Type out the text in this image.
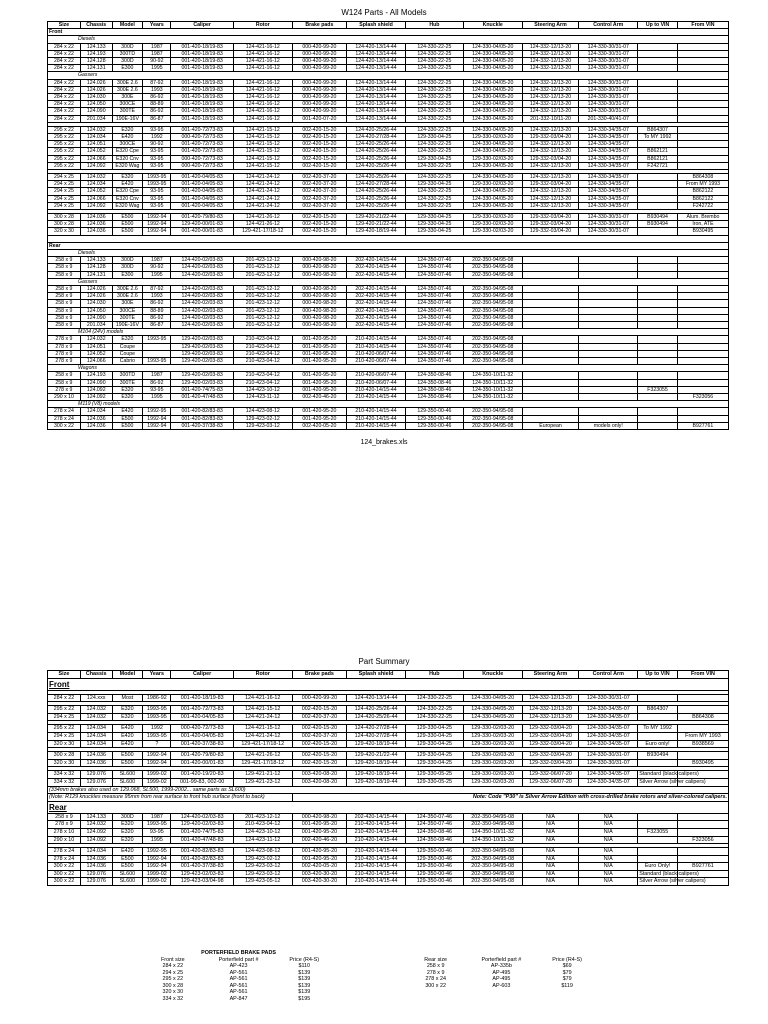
W124 Parts - All Models
Size	Chassis	Model	Years	Caliper	Rotor	Brake pads	Splash shield	Hub	Knuckle	Steering Arm	Control Arm	Up to VIN	From VIN
Front													
Diesels													
284 x 22	124.133	300D	1987	001-420-18/19-83	124-421-16-12	000-420-99-20	124-420-13/14-44	124-330-22-25	124-330-04/05-20	124-332-12/13-20	124-330-30/31-07		
284 x 22	124.193	300TD	1987	001-420-18/19-83	124-421-16-12	000-420-99-20	124-420-13/14-44	124-330-22-25	124-330-04/05-20	124-332-12/13-20	124-330-30/31-07		
284 x 22	124.128	300D	90-92	001-420-18/19-83	124-421-16-12	000-420-99-20	124-420-13/14-44	124-330-22-25	124-330-04/05-20	124-332-12/13-20	124-330-30/31-07		
284 x 22	124.131	E300	1995	001-420-18/19-83	124-421-16-12	000-420-99-20	124-420-13/14-44	124-330-22-25	124-330-04/05-20	124-332-12/13-20	124-330-30/31-07		
Gassers													
284 x 22	124.026	300E 2.6	87-92	001-420-18/19-83	124-421-16-12	000-420-99-20	124-420-13/14-44	124-330-22-25	124-330-04/05-20	124-332-12/13-20	124-330-30/31-07		
284 x 22	124.026	300E 2.6	1993	001-420-18/19-83	124-421-16-12	000-420-99-20	124-420-13/14-44	124-330-22-25	124-330-04/05-20	124-332-12/13-20	124-330-30/31-07		
284 x 22	124.030	300E	86-92	001-420-18/19-83	124-421-16-12	000-420-99-20	124-420-13/14-44	124-330-22-25	124-330-04/05-20	124-332-12/13-20	124-330-30/31-07		
284 x 22	124.050	300CE	88-89	001-420-18/19-83	124-421-16-12	000-420-99-20	124-420-13/14-44	124-330-22-25	124-330-04/05-20	124-332-12/13-20	124-330-30/31-07		
284 x 22	124.090	300TE	86-92	001-420-18/19-83	124-421-16-12	000-420-99-20	124-420-13/14-44	124-330-22-25	124-330-04/05-20	124-332-12/13-20	124-330-30/31-07		
284 x 22	201.034	190E-16V	86-87	001-420-18/19-83	124-421-16-12	001-420-07-20	124-420-13/14-44	124-330-22-25	124-330-04/05-20	201-332-10/11-20	201-330-40/41-07		

295 x 22	124.032	E320	93-95	001-420-72/73-83	124-421-15-12	002-420-15-20	124-420-25/26-44	124-330-22-25	124-330-04/05-20	124-332-12/13-20	124-330-34/35-07	B864307	
295 x 22	124.034	E420	1992	000-420-72/73-83	124-421-15-12	002-420-15-20	124-420-27/28-44	129-330-04-25	129-330-02/03-20	129-332-03/04-20	124-330-34/35-07	To MY 1992	
295 x 22	124.051	300CE	90-92	001-420-72/73-83	124-421-15-12	002-420-15-20	124-420-25/26-44	124-330-22-25	124-330-04/05-20	124-332-12/13-20	124-330-34/35-07		
295 x 22	124.052	E320 Cpe	93-95	001-420-72/73-83	124-421-15-12	002-420-15-20	124-420-25/26-44	124-330-22-25	124-330-04/05-20	124-332-12/13-20	124-330-34/35-07	B862121	
295 x 22	124.066	E320 Cnv	93-95	000-420-72/73-83	124-421-15-12	002-420-15-20	124-420-25/26-44	129-330-04-25	129-330-02/03-20	129-332-03/04-20	124-330-34/35-07	B862121	
295 x 22	124.092	E320 Wag	93-95	000-420-72/73-83	124-421-15-12	002-420-15-20	124-420-25/26-44	124-330-22-25	124-330-04/05-20	124-332-12/13-20	124-330-34/35-07	F242721	

294 x 25	124.032	E320	1993-95	001-420-04/05-83	124-421-24-12	002-420-37-20	124-420-25/26-44	124-330-22-25	124-330-04/05-20	124-332-12/13-20	124-330-34/35-07		B864308
294 x 25	124.034	E420	1993-95	001-420-04/05-83	124-421-24-12	002-420-37-20	124-420-27/28-44	129-330-04-25	129-330-02/03-20	129-332-03/04-20	124-330-34/35-07		From MY 1993
294 x 25	124.052	E320 Cpe	93-95	001-420-04/05-83	124-421-24-12	002-420-37-20	124-420-25/26-44	124-330-22-25	124-330-04/05-20	124-332-12/13-20	124-330-34/35-07		B862122
294 x 25	124.066	E320 Cnv	93-95	001-420-04/05-83	124-421-24-12	002-420-37-20	124-420-25/26-44	124-330-22-25	124-330-04/05-20	124-332-12/13-20	124-330-34/35-07		B862122
294 x 25	124.092	E320 Wag	93-95	001-420-04/05-83	124-421-24-12	002-420-37-20	124-420-25/26-44	124-330-22-25	124-330-04/05-20	124-332-12/13-20	124-330-34/35-07		F242722

300 x 28	124.036	E500	1992-94	001-420-79/80-83	124-421-26-12	002-420-15-20	129-420-21/22-44	129-330-04-25	129-330-02/03-20	129-332-03/04-20	124-330-30/31-07	B930494	Alum. Brembo
300 x 28	124.036	E500	1992-94	129-420-00/01-83	124-421-26-12	002-420-15-20	129-420-21/22-44	129-330-04-25	129-330-02/03-20	129-332-03/04-20	124-330-30/31-07	B930494	Iron, ATE
320 x 30	124.036	E500	1992-94	001-420-00/01-83	129-421-17/18-12	002-420-15-20	129-420-18/19-44	129-330-04-25	129-330-02/03-20	129-332-03/04-20	124-330-30/31-07		B930495

Rear													
Diesels													
258 x 9	124.133	300D	1987	124-420-02/03-83	201-423-12-12	000-420-98-20	202-420-14/15-44	124-350-07-46	202-350-94/95-08				
258 x 9	124.128	300D	90-92	124-420-02/03-83	201-423-12-12	000-420-98-20	202-420-14/15-44	124-350-07-46	202-350-94/95-08				
258 x 9	124.131	E300	1995	124-420-02/03-83	201-423-12-12	000-420-98-20	202-420-14/15-44	124-350-07-46	202-350-94/95-08				
Gassers													
258 x 9	124.026	300E 2.6	87-92	124-420-02/03-83	201-423-12-12	000-420-98-20	202-420-14/15-44	124-350-07-46	202-350-94/95-08				
258 x 9	124.026	300E 2.6	1993	124-420-02/03-83	201-423-12-12	000-420-98-20	202-420-14/15-44	124-350-07-46	202-350-94/95-08				
258 x 9	124.030	300E	86-92	124-420-02/03-83	201-423-12-12	000-420-98-20	202-420-14/15-44	124-350-07-46	202-350-94/95-08				
258 x 9	124.050	300CE	88-89	124-420-02/03-83	201-423-12-12	000-420-98-20	202-420-14/15-44	124-350-07-46	202-350-94/95-08				
258 x 9	124.090	300TE	86-92	124-420-02/03-83	201-423-12-12	000-420-98-20	202-420-14/15-44	124-350-07-46	202-350-94/95-08				
258 x 9	201.034	190E-16V	86-87	124-420-02/03-83	201-423-12-12	000-420-98-20	202-420-14/15-44	124-350-07-46	202-350-94/95-08				
M104 (24V) models													
278 x 9	124.032	E320	1993-95	129-420-02/03-83	210-423-04-12	001-420-95-20	210-420-14/15-44	124-350-07-46	202-350-94/95-08				
278 x 9	124.051	Coupe		129-420-02/03-83	210-423-04-12	001-420-95-20	210-420-14/15-44	124-350-07-46	202-350-94/95-08				
278 x 9	124.052	Coupe		129-420-02/03-83	210-423-04-12	001-420-95-20	210-420-06/07-44	124-350-07-46	202-350-94/95-08				
278 x 9	124.066	Cabrio	1993-95	129-420-02/03-83	210-423-04-12	001-420-95-20	210-420-06/07-44	124-350-07-46	202-350-94/95-08				
Wagons													
258 x 9	124.193	300TD	1987	129-420-02/03-83	210-423-04-12	001-420-95-20	210-420-06/07-44	124-350-08-46	124-350-10/11-32				
258 x 9	124.090	300TE	86-92	129-420-02/03-83	210-423-04-12	001-420-95-20	210-420-06/07-44	124-350-08-46	124-350-10/11-32				
278 x 9	124.092	E320	93-95	001-420-74/75-83	124-423-10-12	001-420-95-20	210-420-14/15-44	124-350-08-46	124-350-10/11-32			F323055	
290 x 10	124.092	E320	1995	001-420-47/48-83	124-423-11-12	002-420-46-20	210-420-14/15-44	124-350-08-46	124-350-10/11-32				F323056
M119 (V8) models													
278 x 24	124.034	E420	1992-95	001-420-82/83-83	124-423-08-12	001-420-95-20	210-420-14/15-44	129-350-00-46	202-350-94/95-08				
278 x 24	124.036	E500	1992-94	001-420-82/83-83	129-423-02-12	001-420-95-20	210-420-14/15-44	129-350-00-46	202-350-94/95-08				
300 x 22	124.036	E500	1992-94	001-420-37/38-83	129-423-03-12	002-420-05-20	210-420-14/15-44	129-350-00-46	202-350-94/95-08	European	models only!		B927761
124_brakes.xls
Part Summary
Size	Chassis	Model	Years	Caliper	Rotor	Brake pads	Splash shield	Hub	Knuckle	Steering Arm	Control Arm	Up to VIN	From VIN
Front													

284 x 22	124.xxx	Most	1986-92	001-420-18/19-83	124-421-16-12	000-420-99-20	124-420-13/14-44	124-330-22-25	124-330-04/05-20	124-332-12/13-20	124-330-30/31-07		

295 x 22	124.032	E320	1993-95	001-420-72/73-83	124-421-15-12	002-420-15-20	124-420-25/26-44	124-330-22-25	124-330-04/05-20	124-332-12/13-20	124-330-34/35-07	B864307	
294 x 25	124.032	E320	1993-95	001-420-04/05-83	124-421-24-12	002-420-37-20	124-420-25/26-44	124-330-22-25	124-330-04/05-20	124-332-12/13-20	124-330-34/35-07		B864308

295 x 22	124.034	E420	1992	000-420-72/73-83	124-421-15-12	002-420-15-20	124-420-27/28-44	129-330-04-25	129-330-02/03-20	129-332-03/04-20	124-330-34/35-07	To MY 1992	
294 x 25	124.034	E420	1993-95	001-420-04/05-83	124-421-24-12	002-420-37-20	124-420-27/28-44	129-330-04-25	129-330-02/03-20	129-332-03/04-20	124-330-34/35-07		From MY 1993
320 x 30	124.034	E420	?	001-420-37/38-83	129-421-17/18-12	002-420-15-20	129-420-18/19-44	129-330-04-25	129-330-02/03-20	129-332-03/04-20	124-330-34/35-07	Euro only!	B938569

300 x 28	124.036	E500	1992-94	001-420-79/80-83	124-421-26-12	002-420-15-20	129-420-21/22-44	129-330-04-25	129-330-02/03-20	129-332-03/04-20	124-330-30/31-07	B930494	
320 x 30	124.036	E500	1992-94	001-420-00/01-83	129-421-17/18-12	002-420-15-20	129-420-18/19-44	129-330-04-25	129-330-02/03-20	129-332-03/04-20	124-330-30/31-07		B930495

334 x 32	129.076	SL600	1999-02	001-420-19/20-83	129-421-21-12	003-420-08-20	129-420-18/19-44	129-330-05-25	129-330-02/03-20	129-332-06/07-20	124-330-34/35-07	Standard (black calipers)	
334 x 32	129.076	SL600	1999-02	001-99-83, 002-00	129-421-23-12	003-420-08-20	129-420-18/19-44	129-330-05-25	129-330-02/03-20	129-332-06/07-20	124-330-34/35-07	Silver Arrow (silver calipers)	
(334mm brakes also used on 129.068, SL500, 1999-2002... same parts as SL600)													
(Note: R129 knuckles measure 95mm from rear surface to front hub surface (front to back)						Note: Code "P30" is Silver Arrow Edition with cross-drilled brake rotors and silver-colored calipers.							
Rear													
258 x 9	124.133	300D	1987	124-420-02/03-83	201-423-12-12	000-420-98-20	202-420-14/15-44	124-350-07-46	202-350-94/95-08	N/A	N/A		
278 x 9	124.032	E320	1993-95	129-420-02/03-83	210-423-04-12	001-420-95-20	210-420-14/15-44	124-350-07-46	202-350-94/95-08	N/A	N/A		
278 x 10	124.092	E320	93-95	001-420-74/75-83	124-423-10-12	001-420-95-20	210-420-14/15-44	124-350-08-46	124-350-10/11-32	N/A	N/A	F323055	
290 x 10	124.092	E320	1995	001-420-47/48-83	124-423-11-12	002-420-46-20	210-420-14/15-44	124-350-08-46	124-350-10/11-32	N/A	N/A		F323056

278 x 24	124.034	E420	1992-95	001-420-82/83-83	124-423-08-12	001-420-95-20	210-420-14/15-44	129-350-00-46	202-350-94/95-08	N/A	N/A		
278 x 24	124.036	E500	1992-94	001-420-82/83-83	129-423-02-12	001-420-95-20	210-420-14/15-44	129-350-00-46	202-350-94/95-08	N/A	N/A		
300 x 22	124.036	E500	1992-94	001-420-37/38-83	129-423-03-12	002-420-05-20	210-420-14/15-44	129-350-00-46	202-350-94/95-08	N/A	N/A	Euro Only!	B927761
300 x 22	129.076	SL600	1999-02	129-423-02/03-83	129-423-03-12	003-420-30-20	210-420-14/15-44	129-350-00-46	202-350-94/95-08	N/A	N/A	Standard (black calipers)	
300 x 22	129.076	SL600	1999-02	129-423-03/04-98	129-423-05-12	003-420-30-20	210-420-14/15-44	129-350-00-46	202-350-94/95-08	N/A	N/A	Silver Arrow (silver calipers)	
PORTERFIELD BRAKE PADS						
Front size	Porterfield part #	Price (R4-S)		Rear size	Porterfield part #	Price (R4-S)
284 x 22	AP-423	$110		258 x 9	AP-335b	$69
294 x 25	AP-561	$139		278 x 9	AP-495	$79
295 x 22	AP-561	$139		278 x 24	AP-495	$79
300 x 28	AP-561	$139		300 x 22	AP-603	$119
320 x 30	AP-561	$139				
334 x 32	AP-847	$195				
